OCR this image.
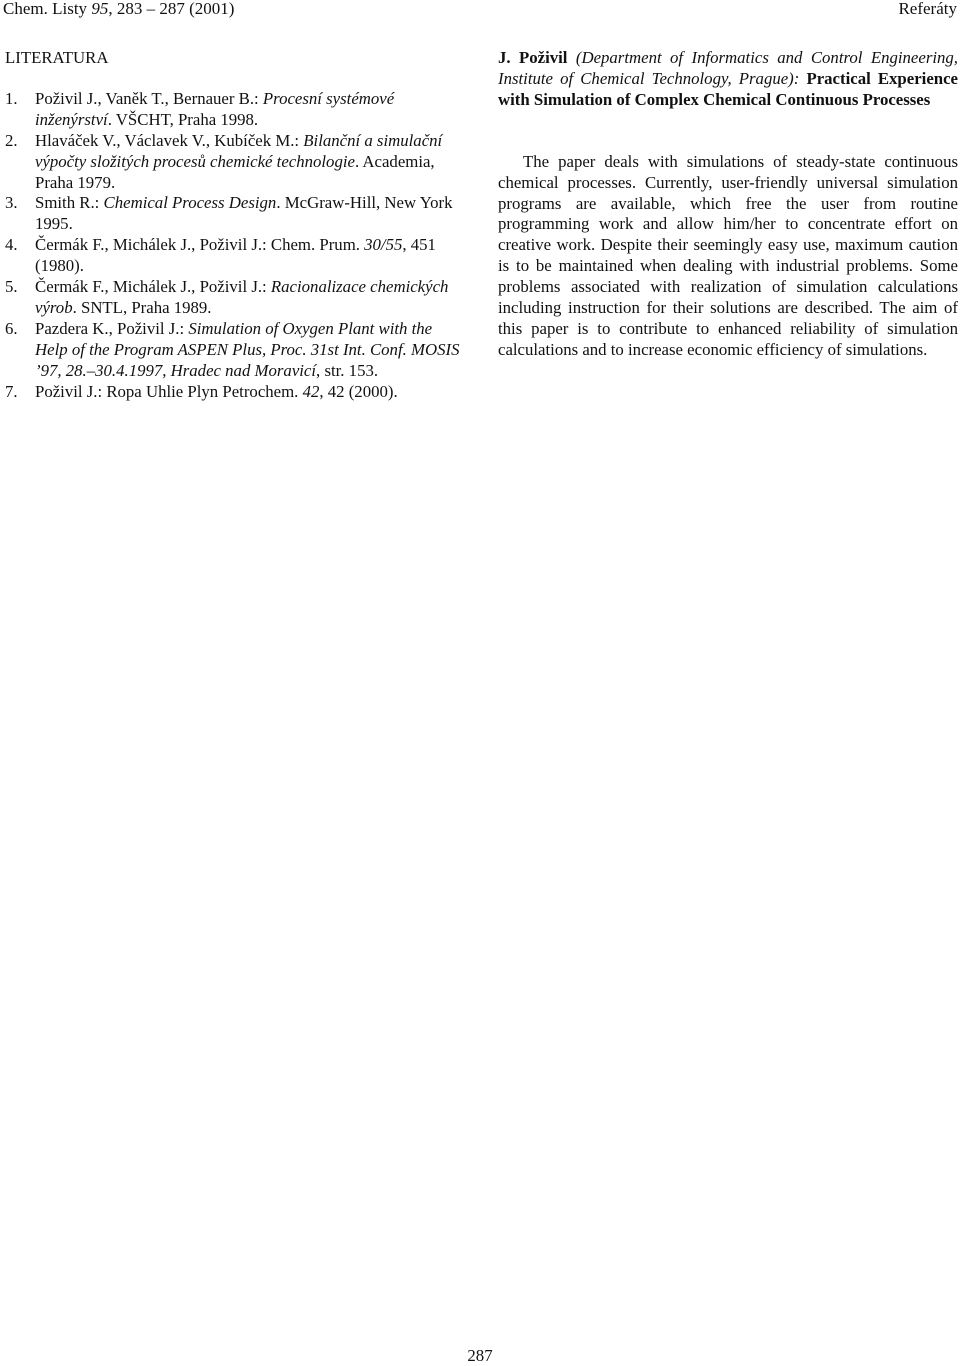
Chem. Listy 95, 283 – 287 (2001)	Referáty
LITERATURA
1. Poživil J., Vaněk T., Bernauer B.: Procesní systémové inženýrství. VŠCHT, Praha 1998.
2. Hlaváček V., Václavek V., Kubíček M.: Bilanční a simulační výpočty složitých procesů chemické technologie. Academia, Praha 1979.
3. Smith R.: Chemical Process Design. McGraw-Hill, New York 1995.
4. Čermák F., Michálek J., Poživil J.: Chem. Prum. 30/55, 451 (1980).
5. Čermák F., Michálek J., Poživil J.: Racionalizace chemických výrob. SNTL, Praha 1989.
6. Pazdera K., Poživil J.: Simulation of Oxygen Plant with the Help of the Program ASPEN Plus, Proc. 31st Int. Conf. MOSIS ’97, 28.–30.4.1997, Hradec nad Moravicí, str. 153.
7. Poživil J.: Ropa Uhlie Plyn Petrochem. 42, 42 (2000).

J. Poživil (Department of Informatics and Control Engineering, Institute of Chemical Technology, Prague): Practical Experience with Simulation of Complex Chemical Continuous Processes

The paper deals with simulations of steady-state continuous chemical processes. Currently, user-friendly universal simulation programs are available, which free the user from routine programming work and allow him/her to concentrate effort on creative work. Despite their seemingly easy use, maximum caution is to be maintained when dealing with industrial problems. Some problems associated with realization of simulation calculations including instruction for their solutions are described. The aim of this paper is to contribute to enhanced reliability of simulation calculations and to increase economic efficiency of simulations.

287
